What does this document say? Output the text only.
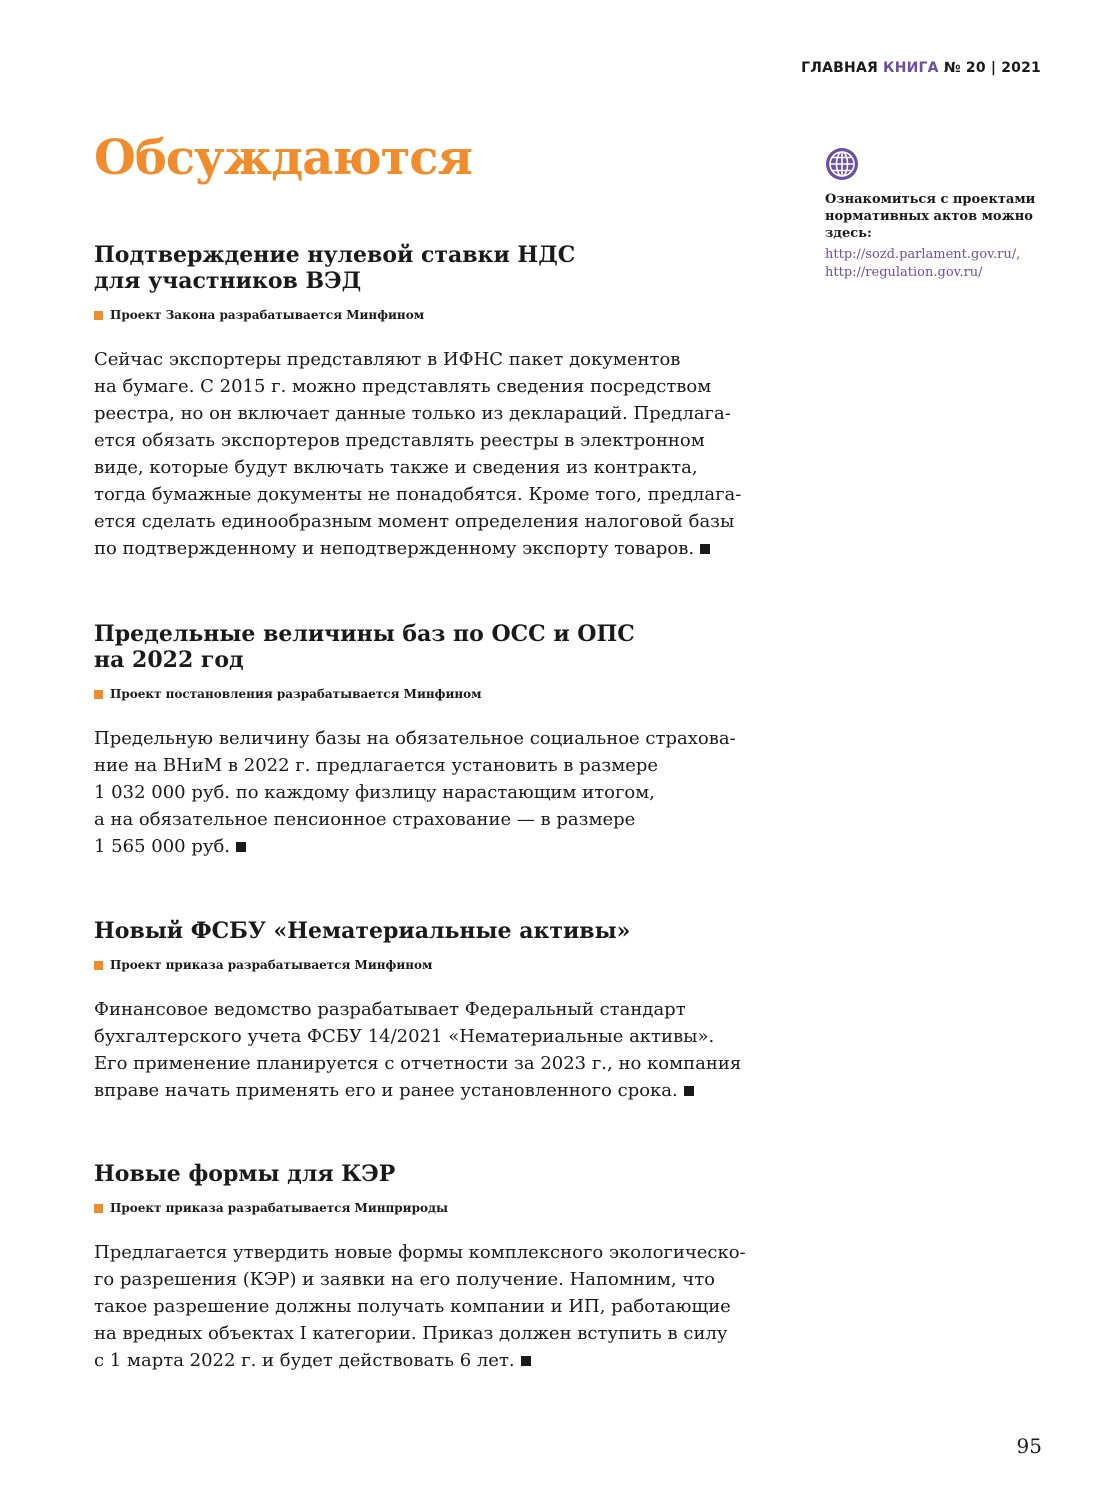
ГЛАВНАЯ КНИГА № 20 | 2021
Обсуждаются

Ознакомиться с проектами нормативных актов можно здесь:

http://sozd.parlament.gov.ru/,
http://regulation.gov.ru/
Подтверждение нулевой ставки НДС
для участников ВЭД
Проект Закона разрабатывается Минфином
Сейчас экспортеры представляют в ИФНС пакет документов
на бумаге. С 2015 г. можно представлять сведения посредством
реестра, но он включает данные только из деклараций. Предлага-
ется обязать экспортеров представлять реестры в электронном
виде, которые будут включать также и сведения из контракта,
тогда бумажные документы не понадобятся. Кроме того, предлага-
ется сделать единообразным момент определения налоговой базы
по подтвержденному и неподтвержденному экспорту товаров.
Предельные величины баз по ОСС и ОПС
на 2022 год
Проект постановления разрабатывается Минфином
Предельную величину базы на обязательное социальное страхова-
ние на ВНиМ в 2022 г. предлагается установить в размере
1 032 000 руб. по каждому физлицу нарастающим итогом,
а на обязательное пенсионное страхование — в размере
1 565 000 руб.
Новый ФСБУ «Нематериальные активы»
Проект приказа разрабатывается Минфином
Финансовое ведомство разрабатывает Федеральный стандарт
бухгалтерского учета ФСБУ 14/2021 «Нематериальные активы».
Его применение планируется с отчетности за 2023 г., но компания
вправе начать применять его и ранее установленного срока.
Новые формы для КЭР
Проект приказа разрабатывается Минприроды
Предлагается утвердить новые формы комплексного экологическо-
го разрешения (КЭР) и заявки на его получение. Напомним, что
такое разрешение должны получать компании и ИП, работающие
на вредных объектах I категории. Приказ должен вступить в силу
с 1 марта 2022 г. и будет действовать 6 лет.
95
